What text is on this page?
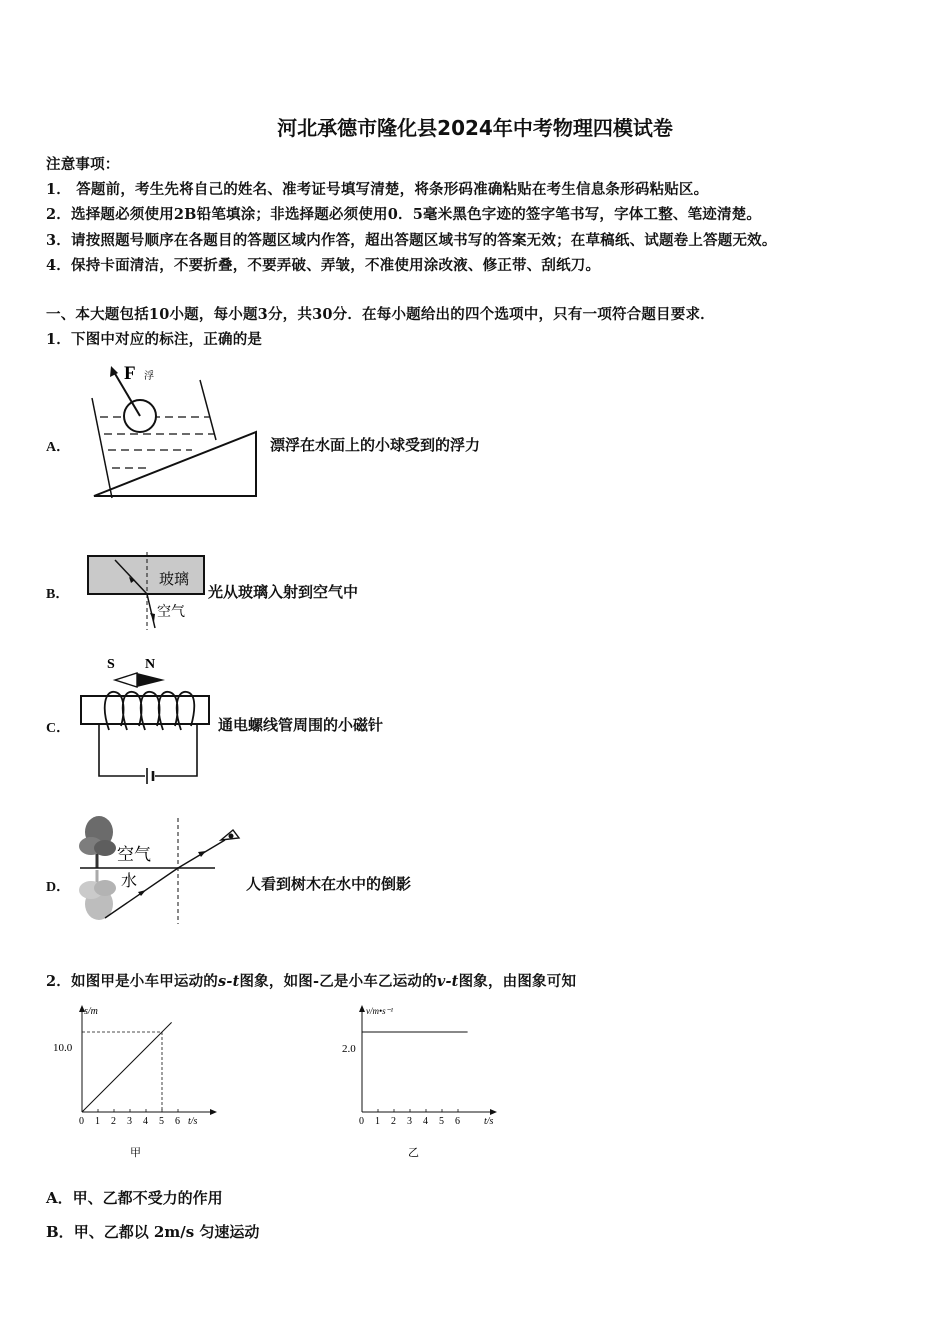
河北承德市隆化县2024年中考物理四模试卷
注意事项：
1． 答题前，考生先将自己的姓名、准考证号填写清楚，将条形码准确粘贴在考生信息条形码粘贴区。
2．选择题必须使用2B铅笔填涂；非选择题必须使用0．5毫米黑色字迹的签字笔书写，字体工整、笔迹清楚。
3．请按照题号顺序在各题目的答题区域内作答，超出答题区域书写的答案无效；在草稿纸、试题卷上答题无效。
4．保持卡面清洁，不要折叠，不要弄破、弄皱，不准使用涂改液、修正带、刮纸刀。
一、本大题包括10小题，每小题3分，共30分．在每小题给出的四个选项中，只有一项符合题目要求．
1．下图中对应的标注，正确的是
A．
F 浮
漂浮在水面上的小球受到的浮力
B．
玻璃
空气
光从玻璃入射到空气中
C．
S N
通电螺线管周围的小磁针
D．
空气
水	人看到树木在水中的倒影
2．如图甲是小车甲运动的s-t图象，如图-乙是小车乙运动的v-t图象，由图象可知
0 1 2 3 4 5 6
s/m
t/s
10.0
甲
0 1 2 3 4 5 6
v/m•s⁻¹
t/s
2.0
乙
A．甲、乙都不受力的作用
B．甲、乙都以 2m/s 匀速运动
